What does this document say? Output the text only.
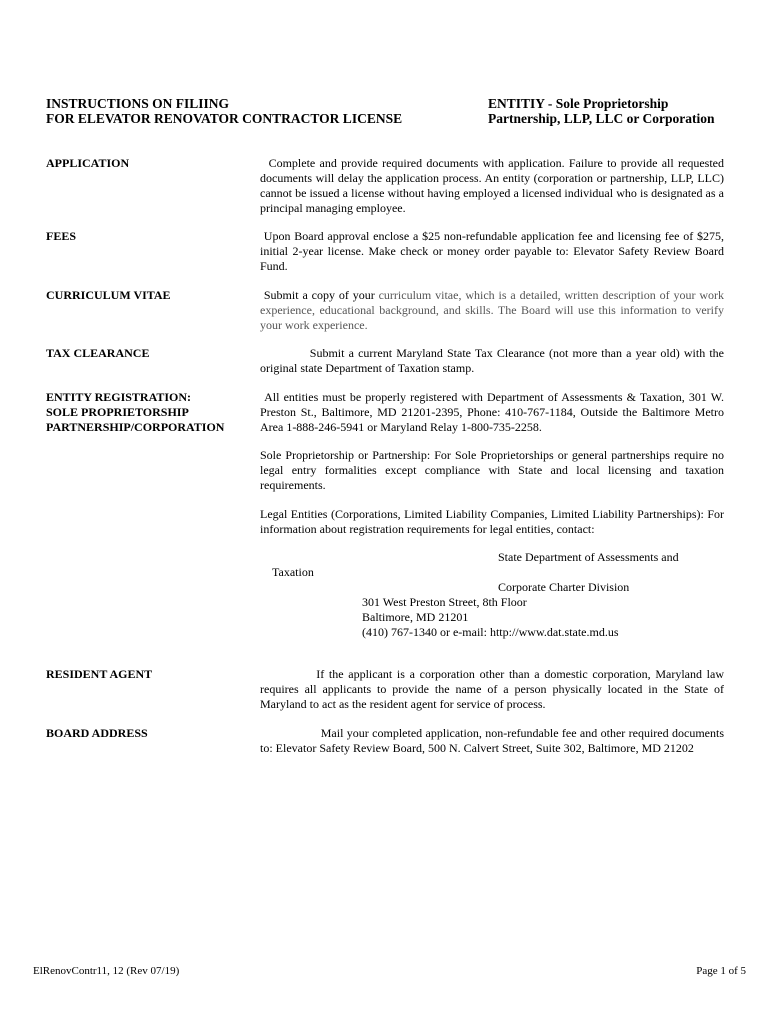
INSTRUCTIONS ON FILIING
FOR ELEVATOR RENOVATOR CONTRACTOR LICENSE
ENTITIY - Sole Proprietorship
Partnership, LLP, LLC or Corporation
APPLICATION	Complete and provide required documents with application. Failure to provide all requested documents will delay the application process. An entity (corporation or partnership, LLP, LLC) cannot be issued a license without having employed a licensed individual who is designated as a principal managing employee.
FEES	Upon Board approval enclose a $25 non-refundable application fee and licensing fee of $275, initial 2-year license. Make check or money order payable to: Elevator Safety Review Board Fund.
CURRICULUM VITAE	Submit a copy of your curriculum vitae, which is a detailed, written description of your work experience, educational background, and skills. The Board will use this information to verify your work experience.
TAX CLEARANCE	Submit a current Maryland State Tax Clearance (not more than a year old) with the original state Department of Taxation stamp.
ENTITY REGISTRATION:
SOLE PROPRIETORSHIP
PARTNERSHIP/CORPORATION
All entities must be properly registered with Department of Assessments & Taxation, 301 W. Preston St., Baltimore, MD 21201-2395, Phone: 410-767-1184, Outside the Baltimore Metro Area 1-888-246-5941 or Maryland Relay 1-800-735-2258.
Sole Proprietorship or Partnership: For Sole Proprietorships or general partnerships require no legal entry formalities except compliance with State and local licensing and taxation requirements.
Legal Entities (Corporations, Limited Liability Companies, Limited Liability Partnerships): For information about registration requirements for legal entities, contact:
State Department of Assessments and
Taxation
Corporate Charter Division
301 West Preston Street, 8th Floor
Baltimore, MD 21201
(410) 767-1340 or e-mail: http://www.dat.state.md.us
RESIDENT AGENT	If the applicant is a corporation other than a domestic corporation, Maryland law requires all applicants to provide the name of a person physically located in the State of Maryland to act as the resident agent for service of process.
BOARD ADDRESS	Mail your completed application, non-refundable fee and other required documents to: Elevator Safety Review Board, 500 N. Calvert Street, Suite 302, Baltimore, MD 21202
ElRenovContr11, 12 (Rev 07/19)	Page 1 of 5
